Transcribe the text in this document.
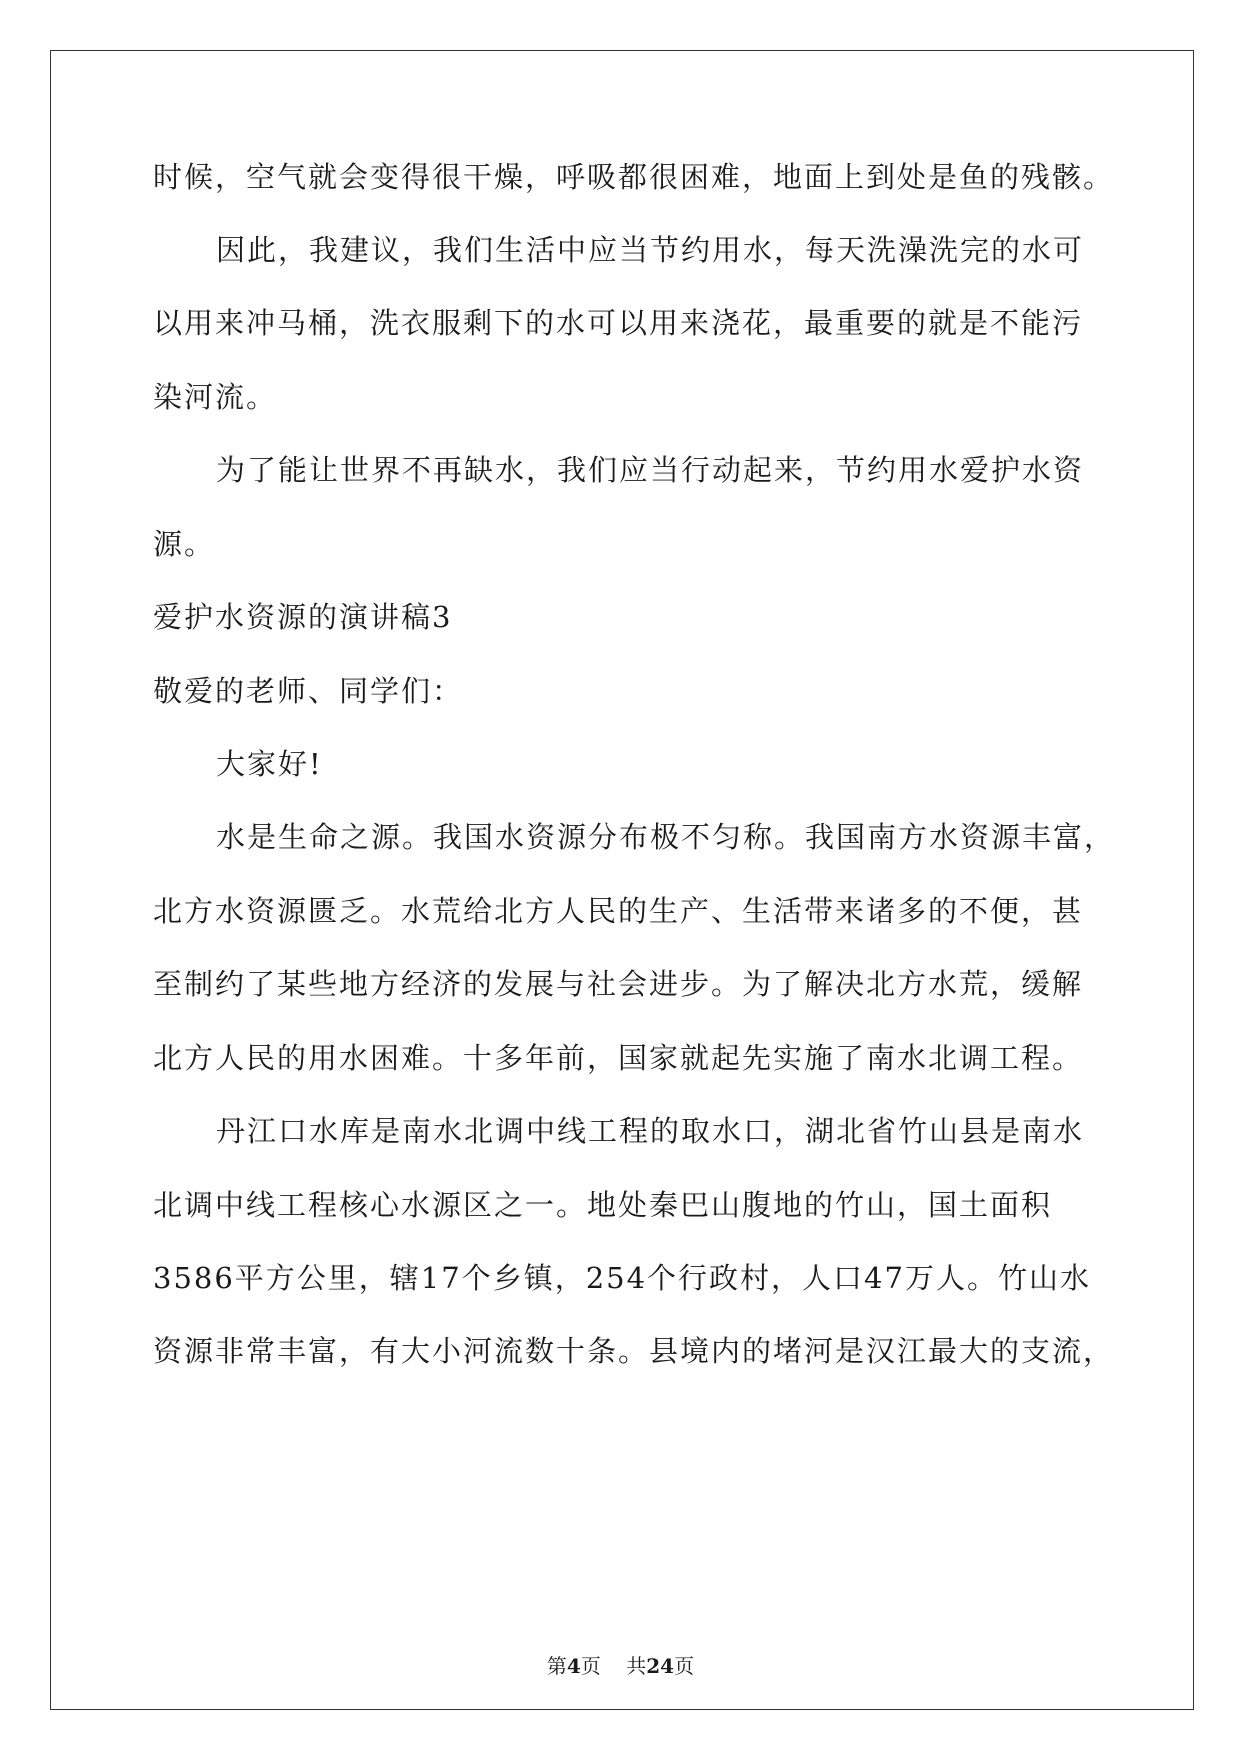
时候，空气就会变得很干燥，呼吸都很困难，地面上到处是鱼的残骸。
因此，我建议，我们生活中应当节约用水，每天洗澡洗完的水可
以用来冲马桶，洗衣服剩下的水可以用来浇花，最重要的就是不能污
染河流。
为了能让世界不再缺水，我们应当行动起来，节约用水爱护水资
源。
爱护水资源的演讲稿3
敬爱的老师、同学们：
大家好!
水是生命之源。我国水资源分布极不匀称。我国南方水资源丰富，
北方水资源匮乏。水荒给北方人民的生产、生活带来诸多的不便，甚
至制约了某些地方经济的发展与社会进步。为了解决北方水荒，缓解
北方人民的用水困难。十多年前，国家就起先实施了南水北调工程。
丹江口水库是南水北调中线工程的取水口，湖北省竹山县是南水
北调中线工程核心水源区之一。地处秦巴山腹地的竹山，国土面积
3586平方公里，辖17个乡镇，254个行政村，人口47万人。竹山水
资源非常丰富，有大小河流数十条。县境内的堵河是汉江最大的支流，
第4页 共24页
